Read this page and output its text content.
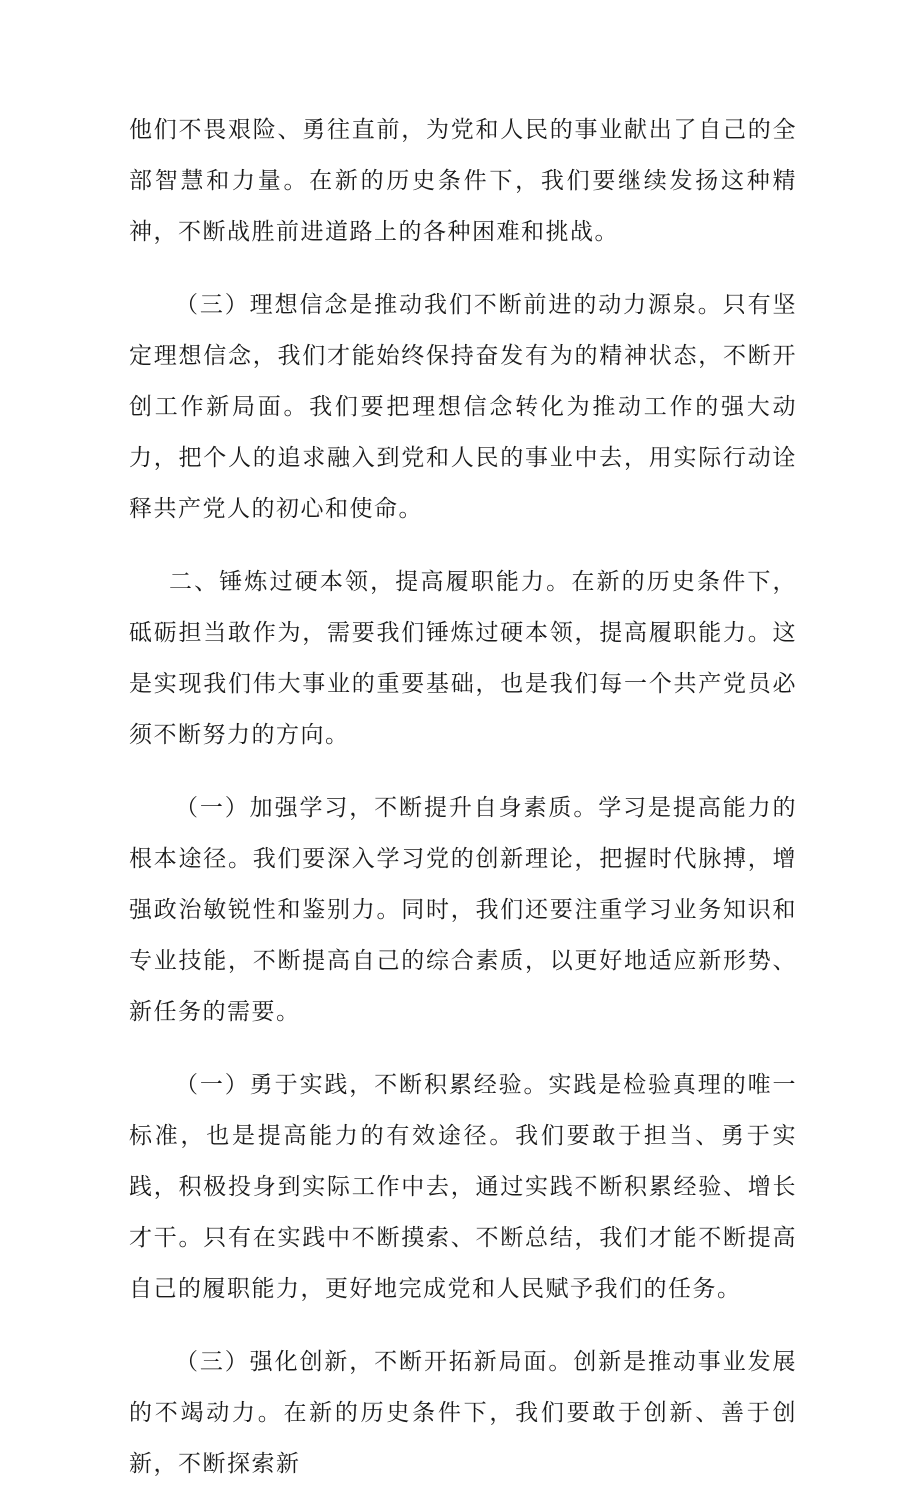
他们不畏艰险、勇往直前，为党和人民的事业献出了自己的全部智慧和力量。在新的历史条件下，我们要继续发扬这种精神，不断战胜前进道路上的各种困难和挑战。

（三）理想信念是推动我们不断前进的动力源泉。只有坚定理想信念，我们才能始终保持奋发有为的精神状态，不断开创工作新局面。我们要把理想信念转化为推动工作的强大动力，把个人的追求融入到党和人民的事业中去，用实际行动诠释共产党人的初心和使命。

二、锤炼过硬本领，提高履职能力。在新的历史条件下，砥砺担当敢作为，需要我们锤炼过硬本领，提高履职能力。这是实现我们伟大事业的重要基础，也是我们每一个共产党员必须不断努力的方向。

（一）加强学习，不断提升自身素质。学习是提高能力的根本途径。我们要深入学习党的创新理论，把握时代脉搏，增强政治敏锐性和鉴别力。同时，我们还要注重学习业务知识和专业技能，不断提高自己的综合素质，以更好地适应新形势、新任务的需要。

（一）勇于实践，不断积累经验。实践是检验真理的唯一标准，也是提高能力的有效途径。我们要敢于担当、勇于实践，积极投身到实际工作中去，通过实践不断积累经验、增长才干。只有在实践中不断摸索、不断总结，我们才能不断提高自己的履职能力，更好地完成党和人民赋予我们的任务。

（三）强化创新，不断开拓新局面。创新是推动事业发展的不竭动力。在新的历史条件下，我们要敢于创新、善于创新，不断探索新
